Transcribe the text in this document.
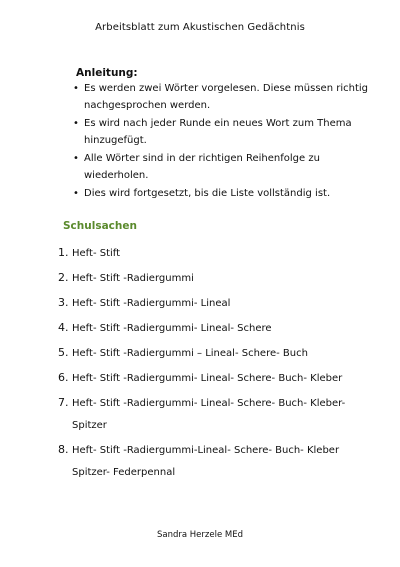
Arbeitsblatt zum Akustischen Gedächtnis
Anleitung:
• Es werden zwei Wörter vorgelesen. Diese müssen richtig nachgesprochen werden.
• Es wird nach jeder Runde ein neues Wort zum Thema hinzugefügt.
• Alle Wörter sind in der richtigen Reihenfolge zu wiederholen.
• Dies wird fortgesetzt, bis die Liste vollständig ist.
Schulsachen
1. Heft- Stift
2. Heft- Stift -Radiergummi
3. Heft- Stift -Radiergummi- Lineal
4. Heft- Stift -Radiergummi- Lineal- Schere
5. Heft- Stift -Radiergummi – Lineal- Schere- Buch
6. Heft- Stift -Radiergummi- Lineal- Schere- Buch- Kleber
7. Heft- Stift -Radiergummi- Lineal- Schere- Buch- Kleber-Spitzer
8. Heft- Stift -Radiergummi-Lineal- Schere- Buch- Kleber Spitzer- Federpennal
Sandra Herzele MEd
